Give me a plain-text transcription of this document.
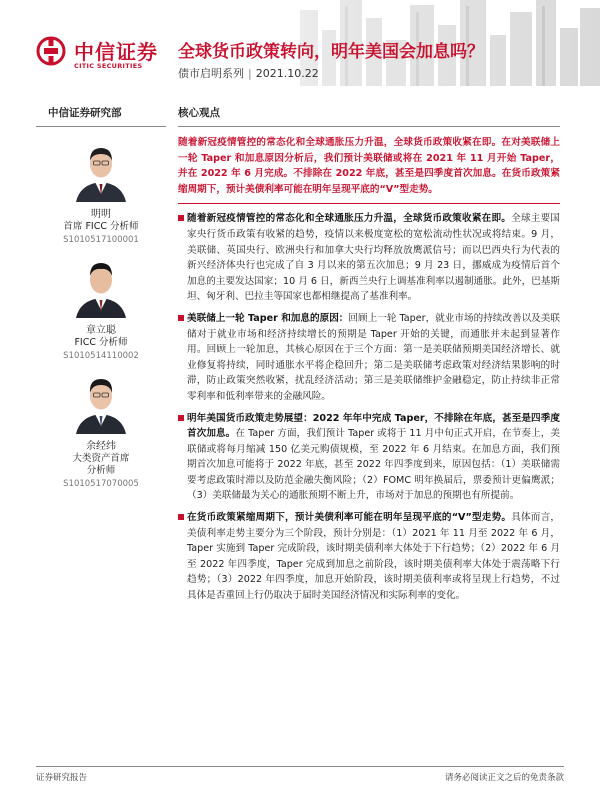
中信证券
CITIC SECURITIES
全球货币政策转向，明年美国会加息吗？
债市启明系列 | 2021.10.22
中信证券研究部
明明
首席 FICC 分析师
S1010517100001
章立聪
FICC 分析师
S1010514110002
余经纬
大类资产首席
分析师
S1010517070005
核心观点
随着新冠疫情管控的常态化和全球通胀压力升温，全球货币政策收紧在即。在对美联储上一轮 Taper 和加息原因分析后，我们预计美联储或将在 2021 年 11 月开始 Taper，并在 2022 年 6 月完成。不排除在 2022 年底，甚至是四季度首次加息。在货币政策紧缩周期下，预计美债利率可能在明年呈现平底的“V”型走势。
随着新冠疫情管控的常态化和全球通胀压力升温，全球货币政策收紧在即。全球主要国家央行货币政策有收紧的趋势，疫情以来极度宽松的宽松流动性状况或将结束。9 月，美联储、英国央行、欧洲央行和加拿大央行均释放放鹰派信号；而以巴西央行为代表的新兴经济体央行也完成了自 3 月以来的第五次加息；9 月 23 日，挪威成为疫情后首个加息的主要发达国家；10 月 6 日，新西兰央行上调基准利率以遏制通胀。此外，巴基斯坦、匈牙利、巴拉圭等国家也都相继提高了基准利率。
美联储上一轮 Taper 和加息的原因：回顾上一轮 Taper，就业市场的持续改善以及美联储对于就业市场和经济持续增长的预期是 Taper 开始的关键，而通胀并未起到显著作用。回顾上一轮加息，其核心原因在于三个方面：第一是美联储预期美国经济增长、就业修复将持续，同时通胀水平将企稳回升；第二是美联储考虑政策对经济结果影响的时滞，防止政策突然收紧，扰乱经济活动；第三是美联储维护金融稳定，防止持续非正常零利率和低利率带来的金融风险。
明年美国货币政策走势展望：2022 年年中完成 Taper，不排除在年底，甚至是四季度首次加息。在 Taper 方面，我们预计 Taper 或将于 11 月中旬正式开启，在节奏上，美联储或将每月缩减 150 亿美元购债规模，至 2022 年 6 月结束。在加息方面，我们预期首次加息可能将于 2022 年底，甚至 2022 年四季度到来，原因包括：（1）美联储需要考虑政策时滞以及防范金融失衡风险；（2）FOMC 明年换届后，票委预计更偏鹰派；（3）美联储最为关心的通胀预期不断上升，市场对于加息的预期也有所提前。
在货币政策紧缩周期下，预计美债利率可能在明年呈现平底的“V”型走势。具体而言，美债利率走势主要分为三个阶段，预计分别是：（1）2021 年 11 月至 2022 年 6 月，Taper 实施到 Taper 完成阶段，该时期美债利率大体处于下行趋势；（2）2022 年 6 月至 2022 年四季度，Taper 完成到加息之前阶段，该时期美债利率大体处于震荡略下行趋势；（3）2022 年四季度，加息开始阶段，该时期美债利率或将呈现上行趋势，不过具体是否重回上行仍取决于届时美国经济情况和实际利率的变化。
证券研究报告	请务必阅读正文之后的免责条款
